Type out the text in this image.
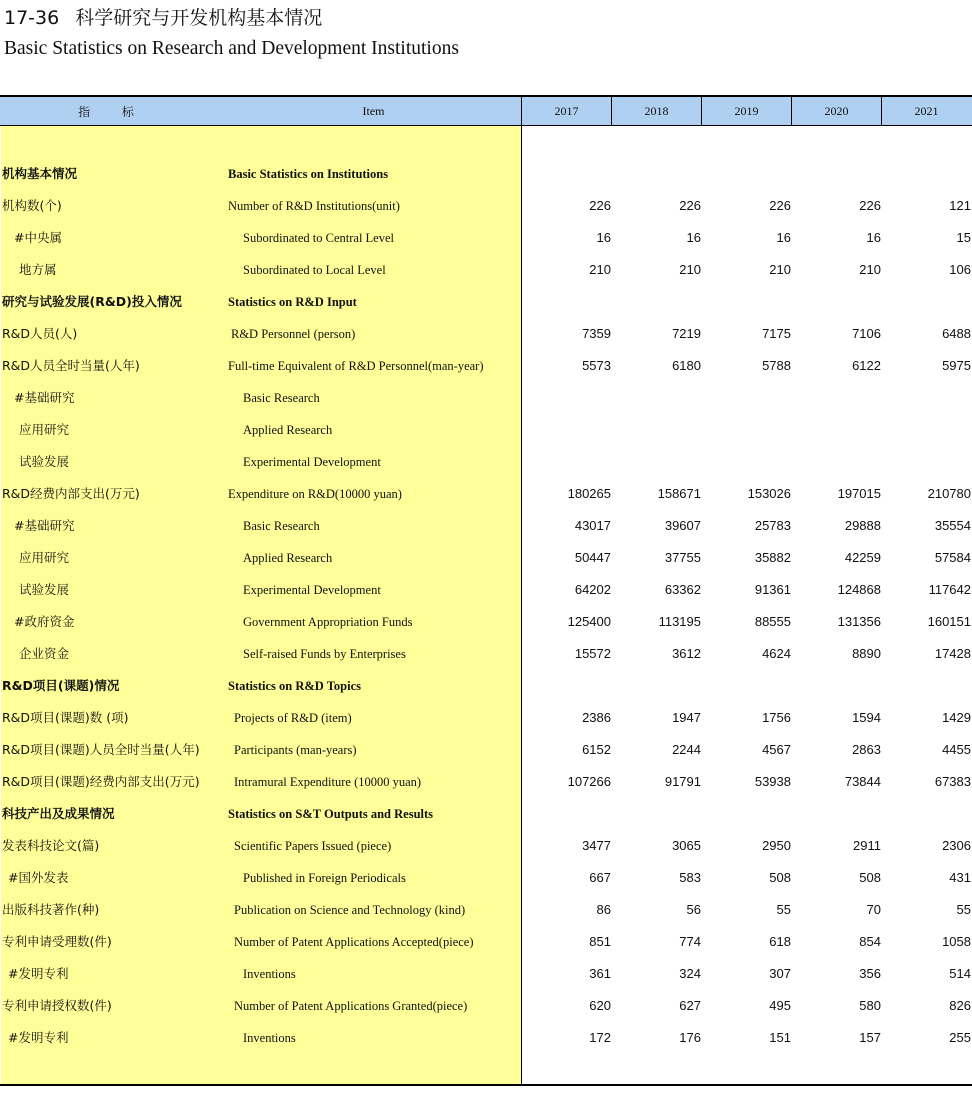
17-36 科学研究与开发机构基本情况
Basic Statistics on Research and Development Institutions
指 标	Item	2017	2018	2019	2020	2021
机构基本情况	Basic Statistics on Institutions
机构数(个)	Number of R&D Institutions(unit)	226	226	226	226	121
#中央属	Subordinated to Central Level	16	16	16	16	15
地方属	Subordinated to Local Level	210	210	210	210	106
研究与试验发展(R&D)投入情况	Statistics on R&D Input
R&D人员(人)	R&D Personnel (person)	7359	7219	7175	7106	6488
R&D人员全时当量(人年)	Full-time Equivalent of R&D Personnel(man-year)	5573	6180	5788	6122	5975
#基础研究	Basic Research
应用研究	Applied Research
试验发展	Experimental Development
R&D经费内部支出(万元)	Expenditure on R&D(10000 yuan)	180265	158671	153026	197015	210780
#基础研究	Basic Research	43017	39607	25783	29888	35554
应用研究	Applied Research	50447	37755	35882	42259	57584
试验发展	Experimental Development	64202	63362	91361	124868	117642
#政府资金	Government Appropriation Funds	125400	113195	88555	131356	160151
企业资金	Self-raised Funds by Enterprises	15572	3612	4624	8890	17428
R&D项目(课题)情况	Statistics on R&D Topics
R&D项目(课题)数 (项)	Projects of R&D (item)	2386	1947	1756	1594	1429
R&D项目(课题)人员全时当量(人年)	Participants (man-years)	6152	2244	4567	2863	4455
R&D项目(课题)经费内部支出(万元)	Intramural Expenditure (10000 yuan)	107266	91791	53938	73844	67383
科技产出及成果情况	Statistics on S&T Outputs and Results
发表科技论文(篇)	Scientific Papers Issued (piece)	3477	3065	2950	2911	2306
#国外发表	Published in Foreign Periodicals	667	583	508	508	431
出版科技著作(种)	Publication on Science and Technology (kind)	86	56	55	70	55
专利申请受理数(件)	Number of Patent Applications Accepted(piece)	851	774	618	854	1058
#发明专利	Inventions	361	324	307	356	514
专利申请授权数(件)	Number of Patent Applications Granted(piece)	620	627	495	580	826
#发明专利	Inventions	172	176	151	157	255
